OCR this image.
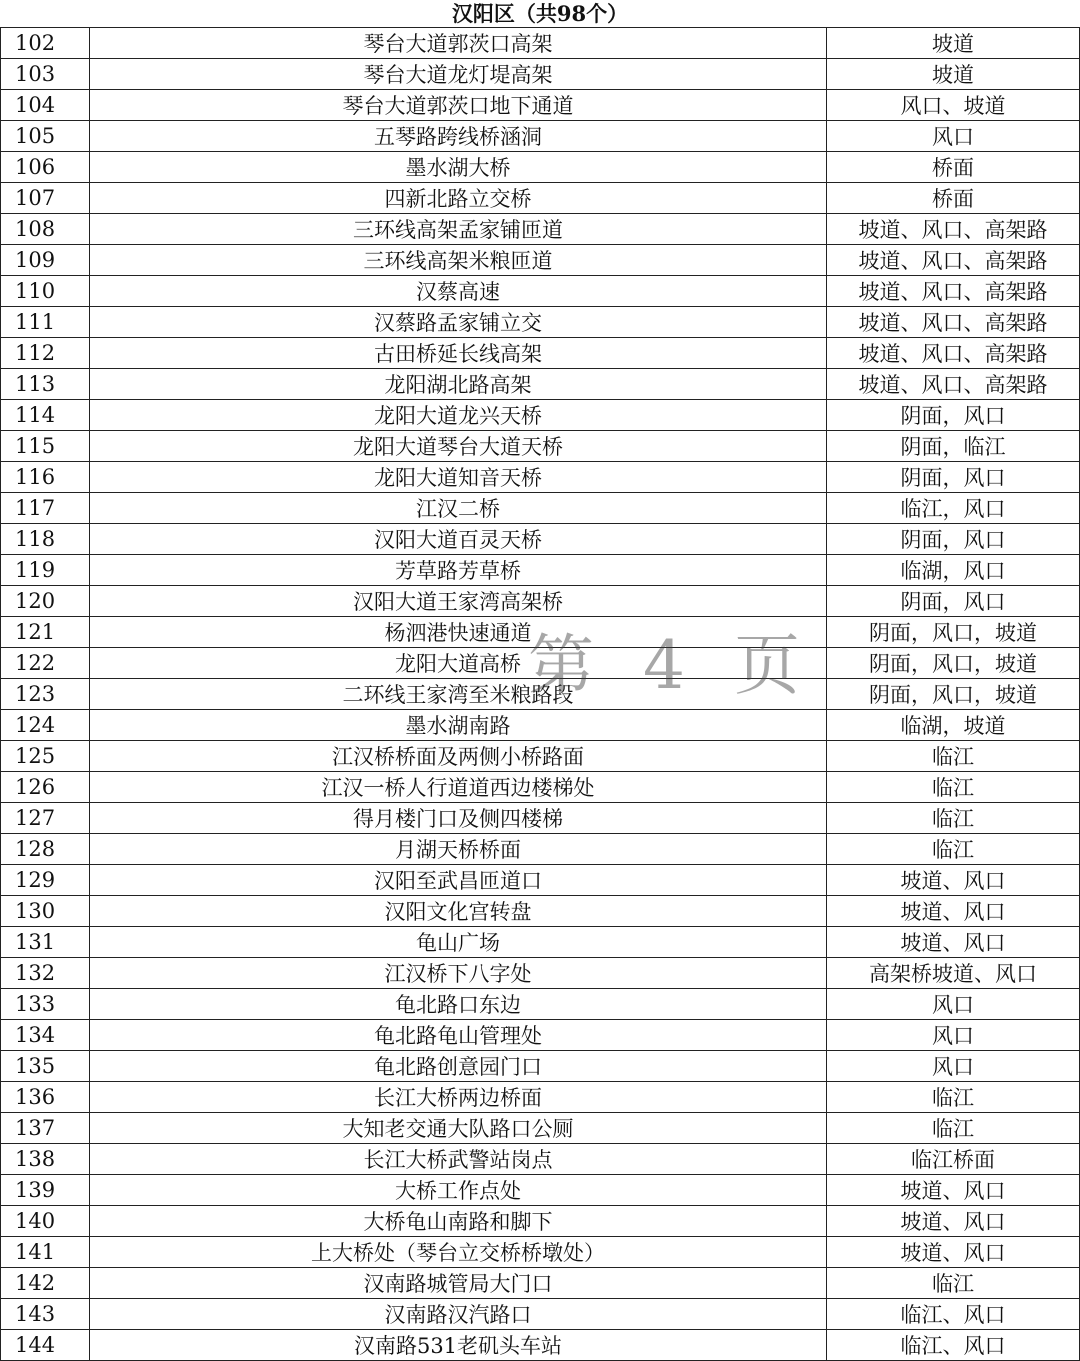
汉阳区（共98个）
102	琴台大道郭茨口高架	坡道
103	琴台大道龙灯堤高架	坡道
104	琴台大道郭茨口地下通道	风口、坡道
105	五琴路跨线桥涵洞	风口
106	墨水湖大桥	桥面
107	四新北路立交桥	桥面
108	三环线高架孟家铺匝道	坡道、风口、高架路
109	三环线高架米粮匝道	坡道、风口、高架路
110	汉蔡高速	坡道、风口、高架路
111	汉蔡路孟家铺立交	坡道、风口、高架路
112	古田桥延长线高架	坡道、风口、高架路
113	龙阳湖北路高架	坡道、风口、高架路
114	龙阳大道龙兴天桥	阴面，风口
115	龙阳大道琴台大道天桥	阴面，临江
116	龙阳大道知音天桥	阴面，风口
117	江汉二桥	临江，风口
118	汉阳大道百灵天桥	阴面，风口
119	芳草路芳草桥	临湖，风口
120	汉阳大道王家湾高架桥	阴面，风口
121	杨泗港快速通道	阴面，风口，坡道
122	龙阳大道高桥	阴面，风口，坡道
123	二环线王家湾至米粮路段	阴面，风口，坡道
124	墨水湖南路	临湖，坡道
125	江汉桥桥面及两侧小桥路面	临江
126	江汉一桥人行道道西边楼梯处	临江
127	得月楼门口及侧四楼梯	临江
128	月湖天桥桥面	临江
129	汉阳至武昌匝道口	坡道、风口
130	汉阳文化宫转盘	坡道、风口
131	龟山广场	坡道、风口
132	江汉桥下八字处	高架桥坡道、风口
133	龟北路口东边	风口
134	龟北路龟山管理处	风口
135	龟北路创意园门口	风口
136	长江大桥两边桥面	临江
137	大知老交通大队路口公厕	临江
138	长江大桥武警站岗点	临江桥面
139	大桥工作点处	坡道、风口
140	大桥龟山南路和脚下	坡道、风口
141	上大桥处（琴台立交桥桥墩处）	坡道、风口
142	汉南路城管局大门口	临江
143	汉南路汉汽路口	临江、风口
144	汉南路531老矶头车站	临江、风口
第 4 页
